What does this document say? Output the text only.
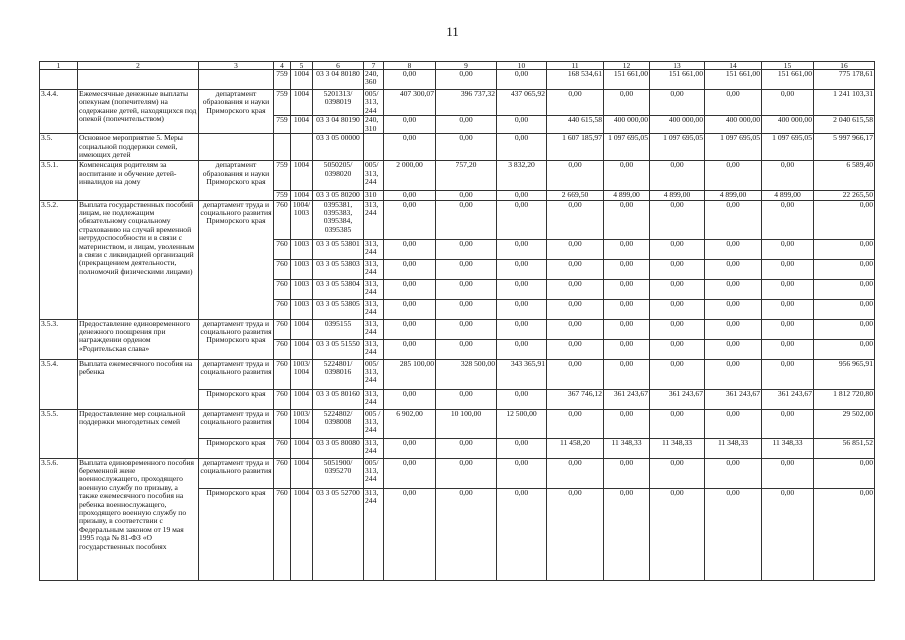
11
1	2	3	4	5	6	7	8	9	10	11	12	13	14	15	16
			759	1004	03 3 04 80180	240, 360	0,00	0,00	0,00	168 534,61	151 661,00	151 661,00	151 661,00	151 661,00	775 178,61
3.4.4.	Ежемесячные денежные выплаты опекунам (попечителям) на содержание детей, находящихся под опекой (попечительством)	департамент образования и науки Приморского края	759	1004	5201313/ 0398019	005/ 313, 244	407 300,07	396 737,32	437 065,92	0,00	0,00	0,00	0,00	0,00	1 241 103,31
			759	1004	03 3 04 80190	240, 310	0,00	0,00	0,00	440 615,58	400 000,00	400 000,00	400 000,00	400 000,00	2 040 615,58
3.5.	Основное мероприятие 5. Меры социальной поддержки семей, имеющих детей				03 3 05 00000		0,00	0,00	0,00	1 607 185,97	1 097 695,05	1 097 695,05	1 097 695,05	1 097 695,05	5 997 966,17
3.5.1.	Компенсация родителям за воспитание и обучение детей-инвалидов на дому	департамент образования и науки Приморского края	759	1004	5050205/ 0398020	005/ 313, 244	2 000,00	757,20	3 832,20	0,00	0,00	0,00	0,00	0,00	6 589,40
			759	1004	03 3 05 80200	310	0,00	0,00	0,00	2 669,50	4 899,00	4 899,00	4 899,00	4 899,00	22 265,50
3.5.2.	Выплата государственных пособий лицам, не подлежащим обязательному социальному страхованию на случай временной нетрудоспособности и в связи с материнством, и лицам, уволенным в связи с ликвидацией организаций (прекращением деятельности, полномочий физическими лицами)	департамент труда и социального развития Приморского края	760	1004/ 1003	0395381, 0395383, 0395384, 0395385	313, 244	0,00	0,00	0,00	0,00	0,00	0,00	0,00	0,00	0,00
			760	1003	03 3 05 53801	313, 244	0,00	0,00	0,00	0,00	0,00	0,00	0,00	0,00	0,00
			760	1003	03 3 05 53803	313, 244	0,00	0,00	0,00	0,00	0,00	0,00	0,00	0,00	0,00
			760	1003	03 3 05 53804	313, 244	0,00	0,00	0,00	0,00	0,00	0,00	0,00	0,00	0,00
			760	1003	03 3 05 53805	313, 244	0,00	0,00	0,00	0,00	0,00	0,00	0,00	0,00	0,00
3.5.3.	Предоставление единовременного денежного поощрения при награждении орденом «Родительская слава»	департамент труда и социального развития Приморского края	760	1004	0395155	313, 244	0,00	0,00	0,00	0,00	0,00	0,00	0,00	0,00	0,00
			760	1004	03 3 05 51550	313, 244	0,00	0,00	0,00	0,00	0,00	0,00	0,00	0,00	0,00
3.5.4.	Выплата ежемесячного пособия на ребенка	департамент труда и социального развития	760	1003/ 1004	5224801/ 0398016	005/ 313, 244	285 100,00	328 500,00	343 365,91	0,00	0,00	0,00	0,00	0,00	956 965,91
		Приморского края	760	1004	03 3 05 80160	313, 244	0,00	0,00	0,00	367 746,12	361 243,67	361 243,67	361 243,67	361 243,67	1 812 720,80
3.5.5.	Предоставление мер социальной поддержки многодетных семей	департамент труда и социального развития	760	1003/ 1004	5224802/ 0398008	005 / 313, 244	6 902,00	10 100,00	12 500,00	0,00	0,00	0,00	0,00	0,00	29 502,00
		Приморского края	760	1004	03 3 05 80080	313, 244	0,00	0,00	0,00	11 458,20	11 348,33	11 348,33	11 348,33	11 348,33	56 851,52
3.5.6.	Выплата единовременного пособия беременной жене военнослужащего, проходящего военную службу по призыву, а также ежемесячного пособия на ребенка военнослужащего, проходящего военную службу по призыву, в соответствии с Федеральным законом от 19 мая 1995 года № 81-ФЗ «О государственных пособиях	департамент труда и социального развития	760	1004	5051900/ 0395270	005/ 313, 244	0,00	0,00	0,00	0,00	0,00	0,00	0,00	0,00	0,00
		Приморского края	760	1004	03 3 05 52700	313, 244	0,00	0,00	0,00	0,00	0,00	0,00	0,00	0,00	0,00
